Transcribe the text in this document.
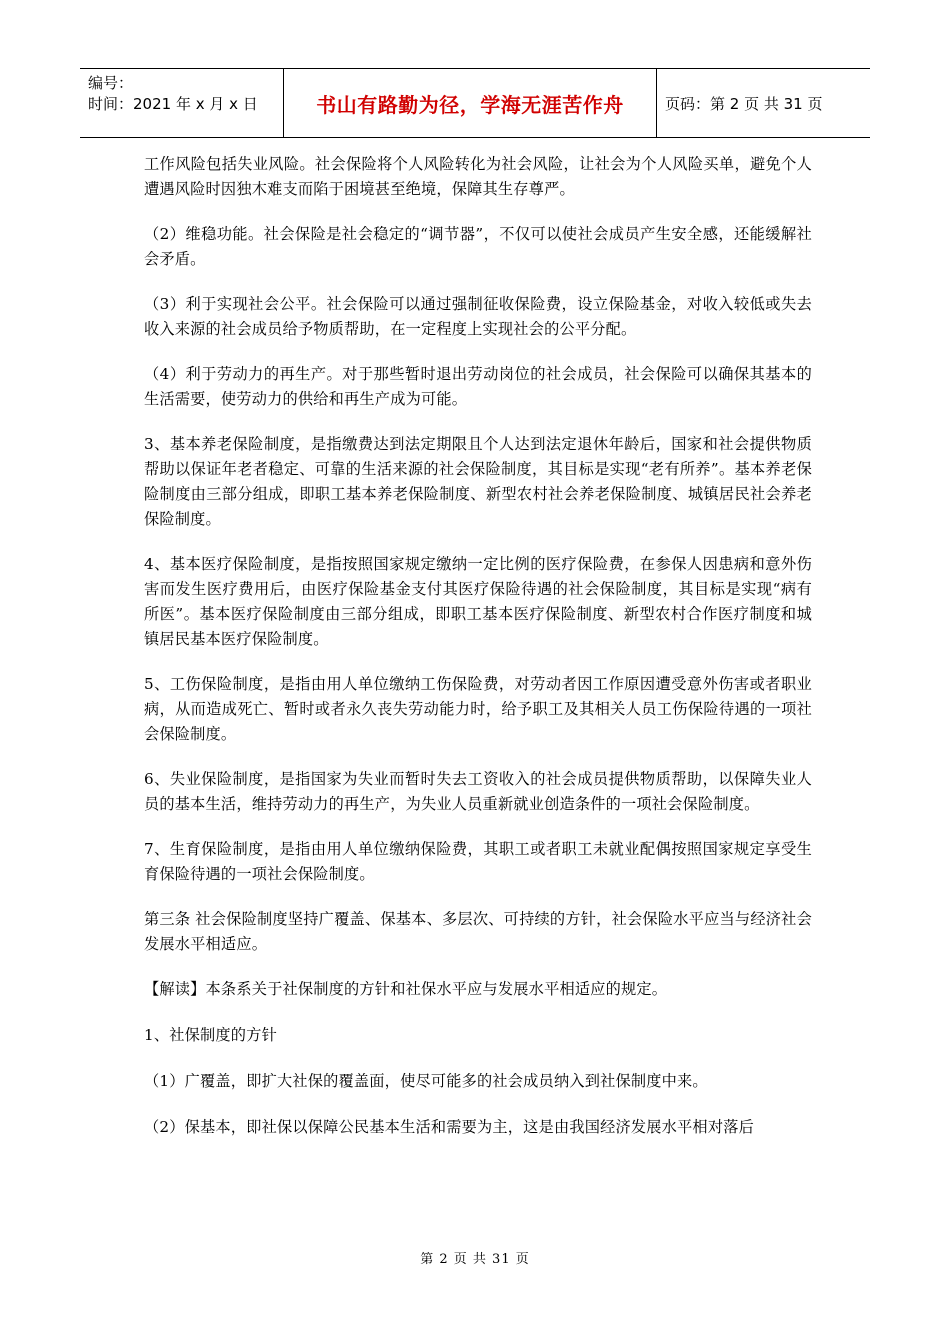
编号：
时间：2021 年 x 月 x 日	书山有路勤为径，学海无涯苦作舟	页码：第 2 页 共 31 页

工作风险包括失业风险。社会保险将个人风险转化为社会风险，让社会为个人风险买单，避免个人遭遇风险时因独木难支而陷于困境甚至绝境，保障其生存尊严。

（2）维稳功能。社会保险是社会稳定的“调节器”，不仅可以使社会成员产生安全感，还能缓解社会矛盾。

（3）利于实现社会公平。社会保险可以通过强制征收保险费，设立保险基金，对收入较低或失去收入来源的社会成员给予物质帮助，在一定程度上实现社会的公平分配。

（4）利于劳动力的再生产。对于那些暂时退出劳动岗位的社会成员，社会保险可以确保其基本的生活需要，使劳动力的供给和再生产成为可能。

3、基本养老保险制度，是指缴费达到法定期限且个人达到法定退休年龄后，国家和社会提供物质帮助以保证年老者稳定、可靠的生活来源的社会保险制度，其目标是实现“老有所养”。基本养老保险制度由三部分组成，即职工基本养老保险制度、新型农村社会养老保险制度、城镇居民社会养老保险制度。

4、基本医疗保险制度，是指按照国家规定缴纳一定比例的医疗保险费，在参保人因患病和意外伤害而发生医疗费用后，由医疗保险基金支付其医疗保险待遇的社会保险制度，其目标是实现“病有所医”。基本医疗保险制度由三部分组成，即职工基本医疗保险制度、新型农村合作医疗制度和城镇居民基本医疗保险制度。

5、工伤保险制度，是指由用人单位缴纳工伤保险费，对劳动者因工作原因遭受意外伤害或者职业病，从而造成死亡、暂时或者永久丧失劳动能力时，给予职工及其相关人员工伤保险待遇的一项社会保险制度。

6、失业保险制度，是指国家为失业而暂时失去工资收入的社会成员提供物质帮助，以保障失业人员的基本生活，维持劳动力的再生产，为失业人员重新就业创造条件的一项社会保险制度。

7、生育保险制度，是指由用人单位缴纳保险费，其职工或者职工未就业配偶按照国家规定享受生育保险待遇的一项社会保险制度。

第三条 社会保险制度坚持广覆盖、保基本、多层次、可持续的方针，社会保险水平应当与经济社会发展水平相适应。

【解读】本条系关于社保制度的方针和社保水平应与发展水平相适应的规定。

1、社保制度的方针

（1）广覆盖，即扩大社保的覆盖面，使尽可能多的社会成员纳入到社保制度中来。

（2）保基本，即社保以保障公民基本生活和需要为主，这是由我国经济发展水平相对落后

第 2 页 共 31 页
